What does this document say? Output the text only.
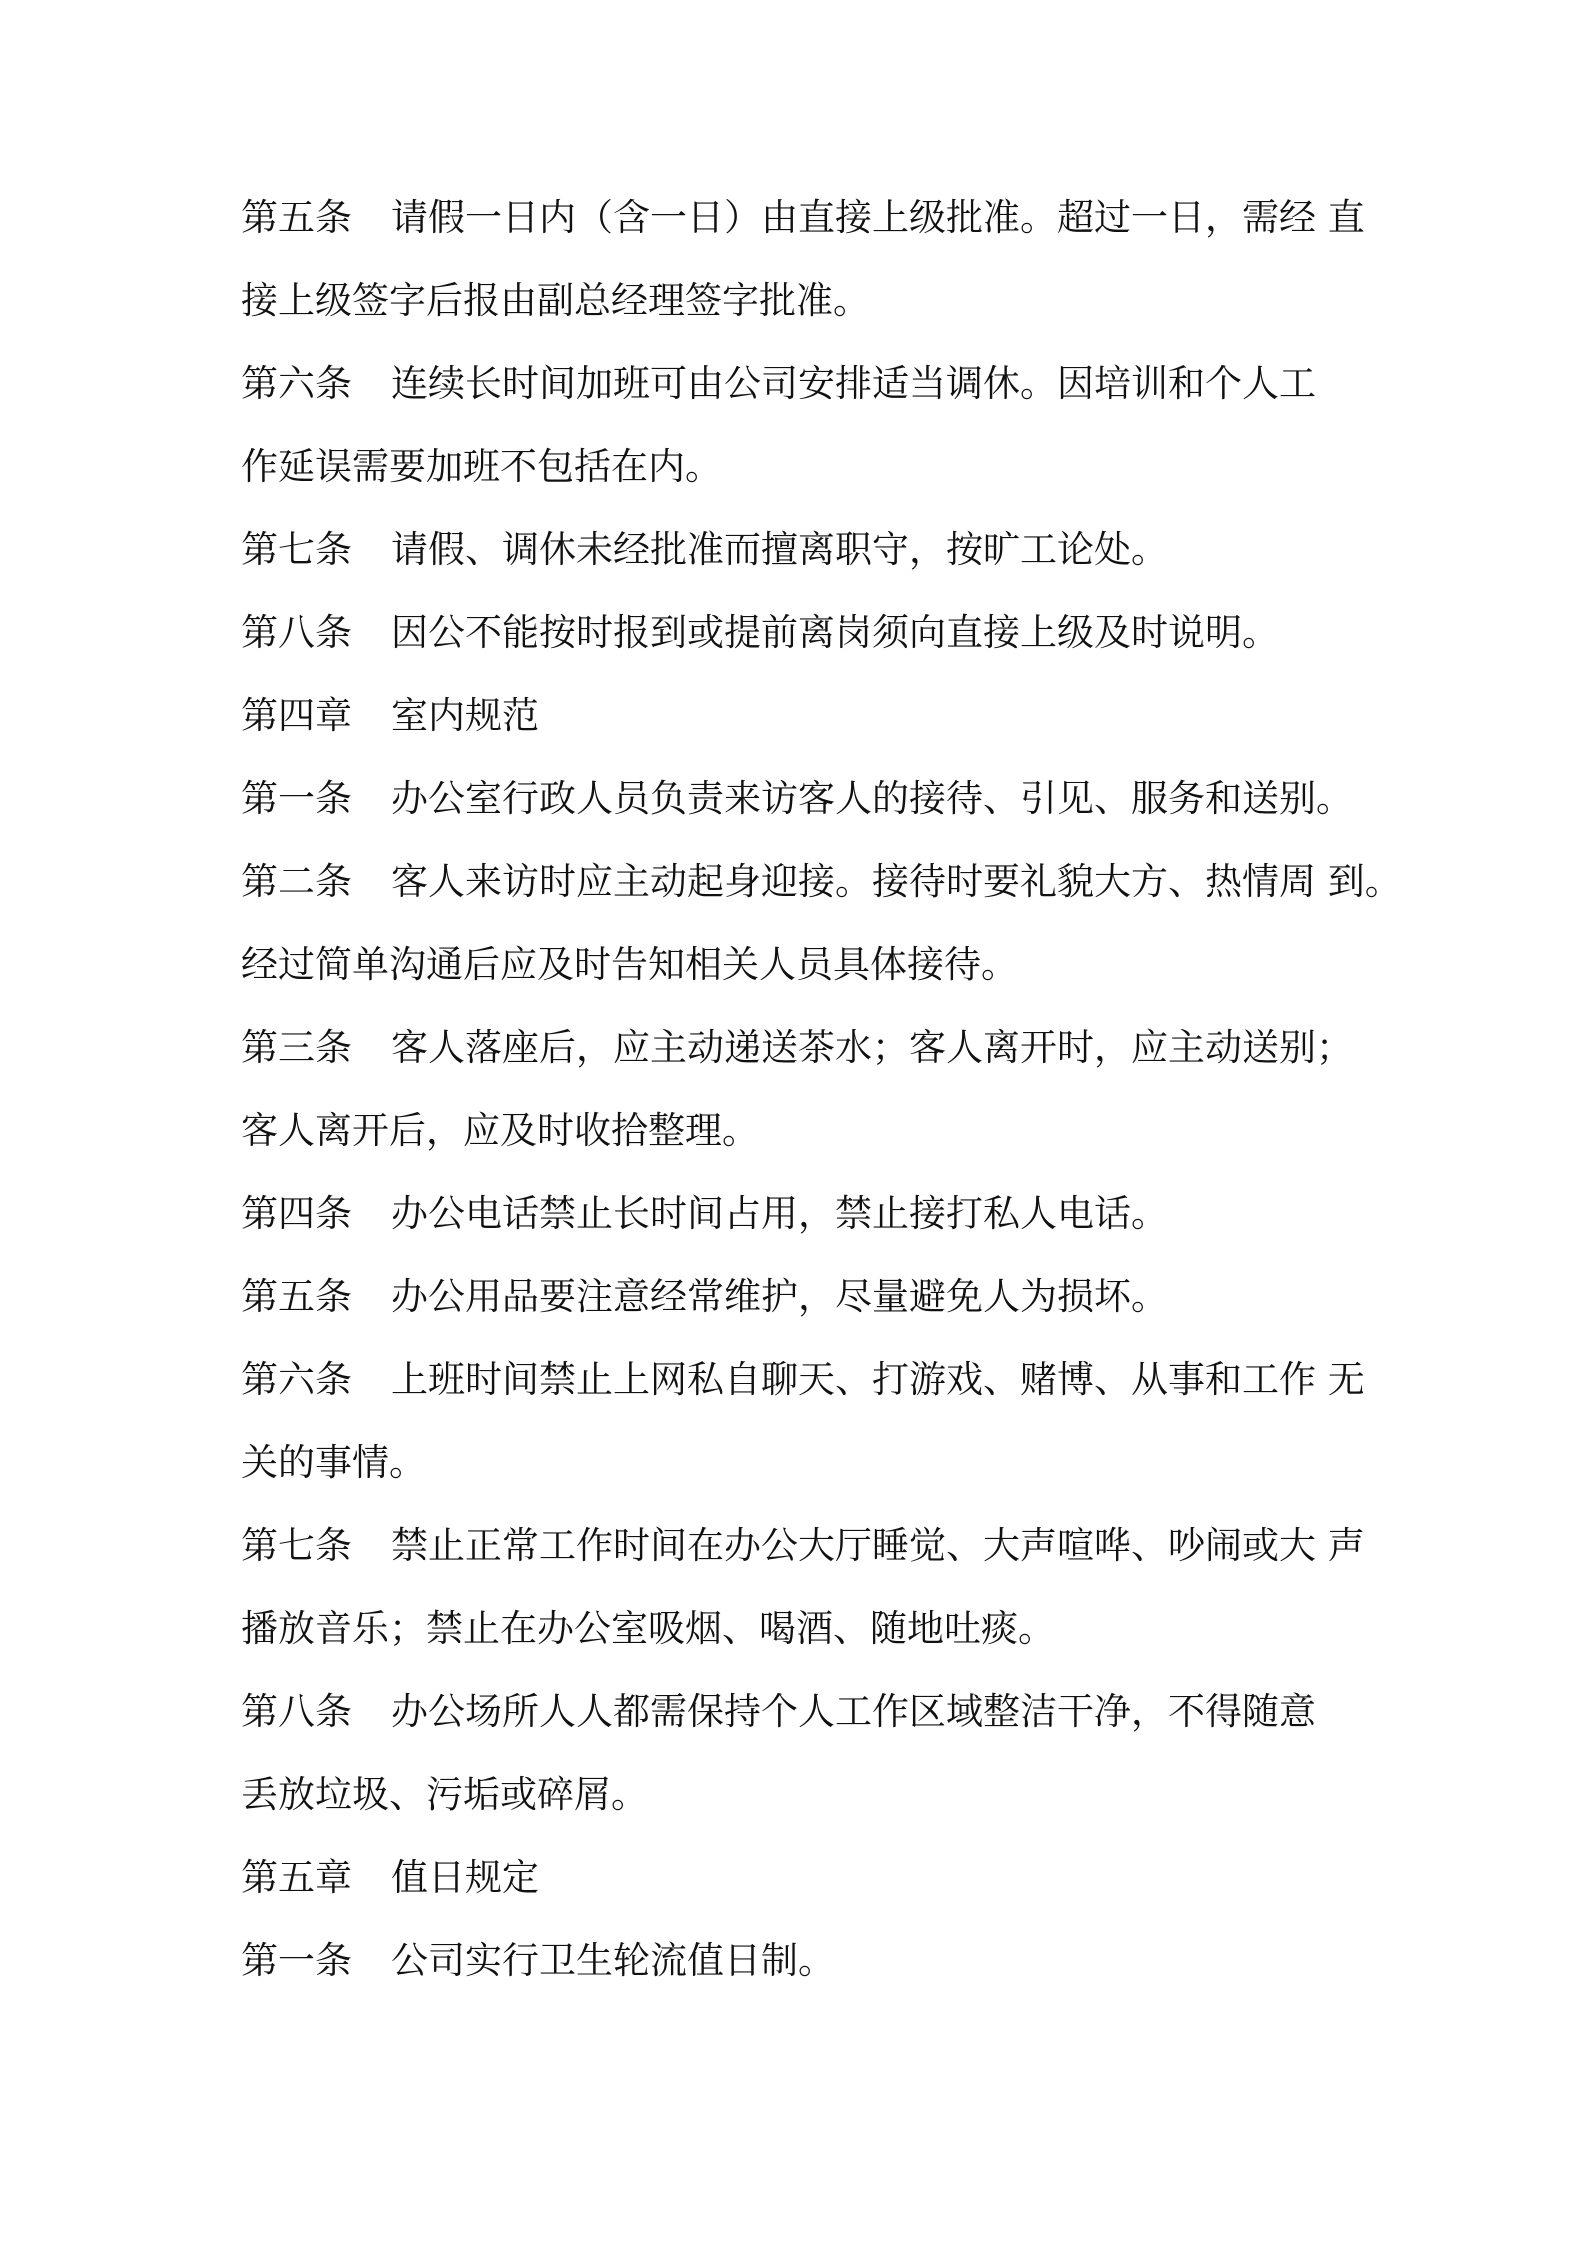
第五条 请假一日内（含一日）由直接上级批准。超过一日，需经 直
接上级签字后报由副总经理签字批准。
第六条 连续长时间加班可由公司安排适当调休。因培训和个人工
作延误需要加班不包括在内。
第七条 请假、调休未经批准而擅离职守，按旷工论处。
第八条 因公不能按时报到或提前离岗须向直接上级及时说明。
第四章 室内规范
第一条 办公室行政人员负责来访客人的接待、引见、服务和送别。
第二条 客人来访时应主动起身迎接。接待时要礼貌大方、热情周 到。
经过简单沟通后应及时告知相关人员具体接待。
第三条 客人落座后，应主动递送茶水；客人离开时，应主动送别；
客人离开后，应及时收拾整理。
第四条 办公电话禁止长时间占用，禁止接打私人电话。
第五条 办公用品要注意经常维护，尽量避免人为损坏。
第六条 上班时间禁止上网私自聊天、打游戏、赌博、从事和工作 无
关的事情。
第七条 禁止正常工作时间在办公大厅睡觉、大声喧哗、吵闹或大 声
播放音乐；禁止在办公室吸烟、喝酒、随地吐痰。
第八条 办公场所人人都需保持个人工作区域整洁干净，不得随意
丢放垃圾、污垢或碎屑。
第五章 值日规定
第一条 公司实行卫生轮流值日制。
